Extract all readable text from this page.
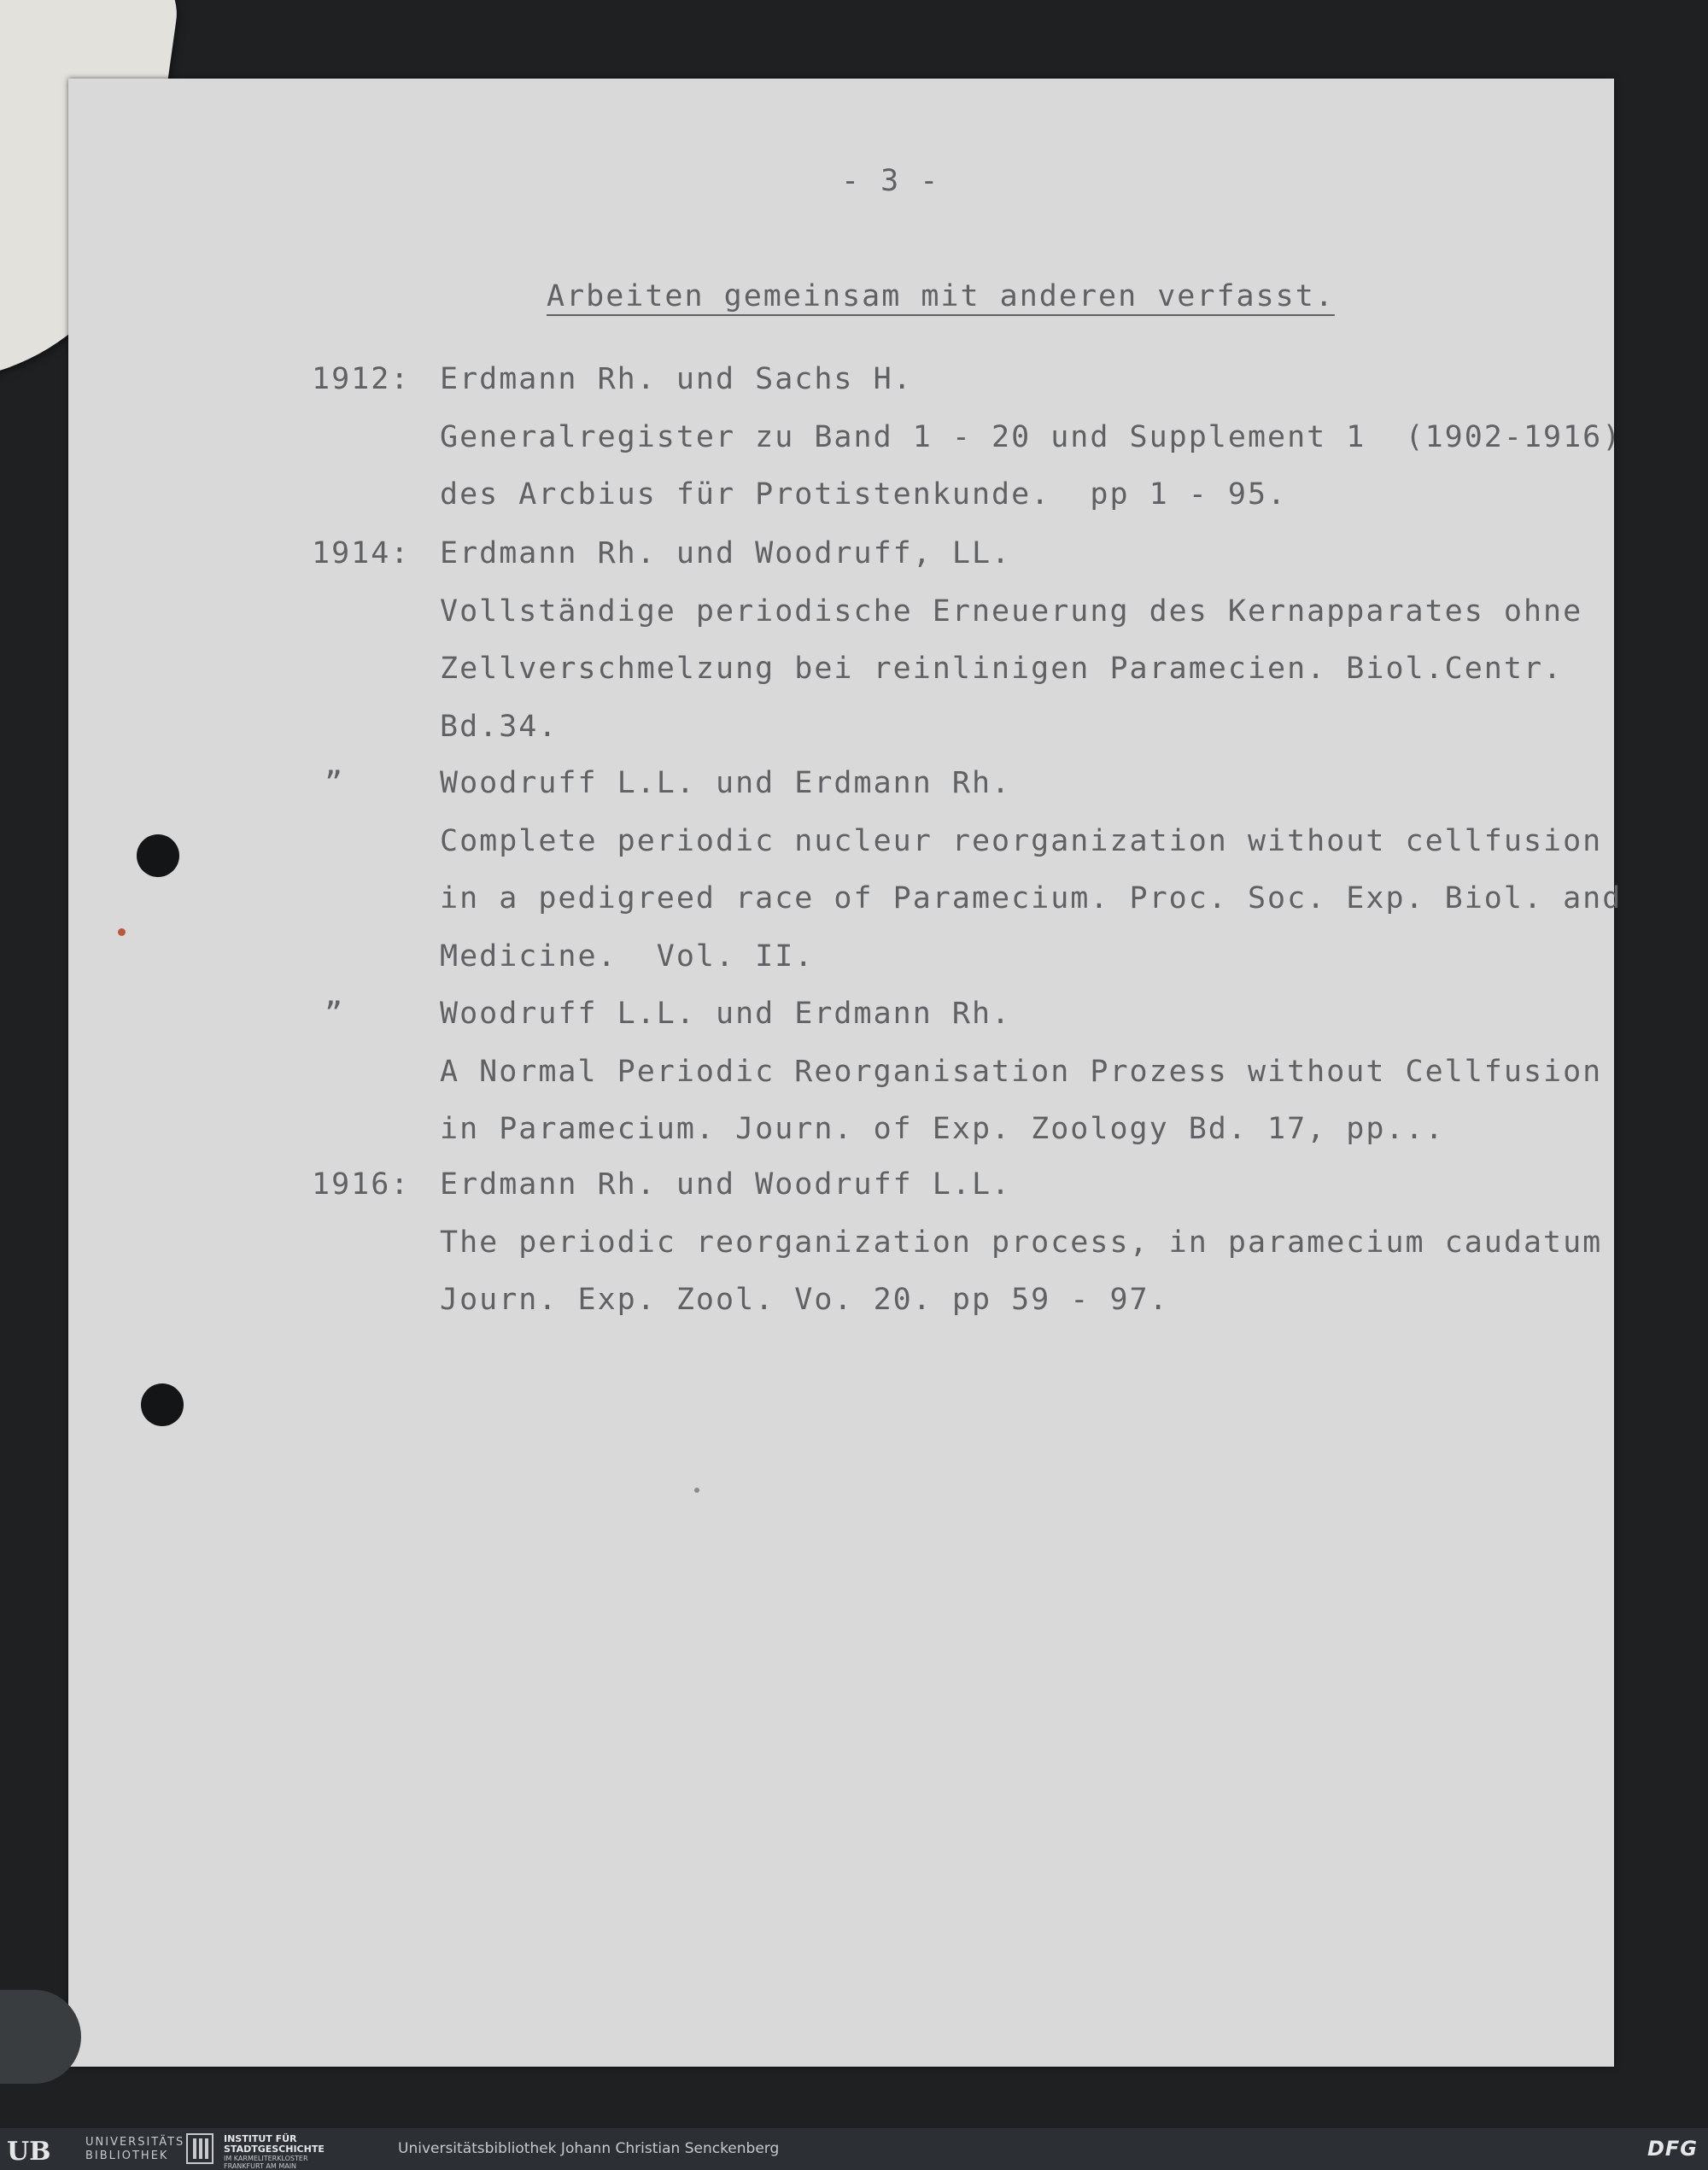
- 3 -
Arbeiten gemeinsam mit anderen verfasst.
1912: Erdmann Rh. und Sachs H.
Generalregister zu Band 1 - 20 und Supplement 1  (1902-1916)
des Arcbius für Protistenkunde.  pp 1 - 95.
1914: Erdmann Rh. und Woodruff, LL.
Vollständige periodische Erneuerung des Kernapparates ohne
Zellverschmelzung bei reinlinigen Paramecien. Biol.Centr.
Bd.34.
”	Woodruff L.L. und Erdmann Rh.
Complete periodic nucleur reorganization without cellfusion
in a pedigreed race of Paramecium. Proc. Soc. Exp. Biol. and
Medicine.  Vol. II.
”	Woodruff L.L. und Erdmann Rh.
A Normal Periodic Reorganisation Prozess without Cellfusion
in Paramecium. Journ. of Exp. Zoology Bd. 17, pp...
1916: Erdmann Rh. und Woodruff L.L.
The periodic reorganization process, in paramecium caudatum
Journ. Exp. Zool. Vo. 20. pp 59 - 97.
UB	UNIVERSITÄTS
BIBLIOTHEK
INSTITUT FÜR
STADTGESCHICHTE
IM KARMELITERKLOSTER
FRANKFURT AM MAIN
Universitätsbibliothek Johann Christian Senckenberg	DFG
